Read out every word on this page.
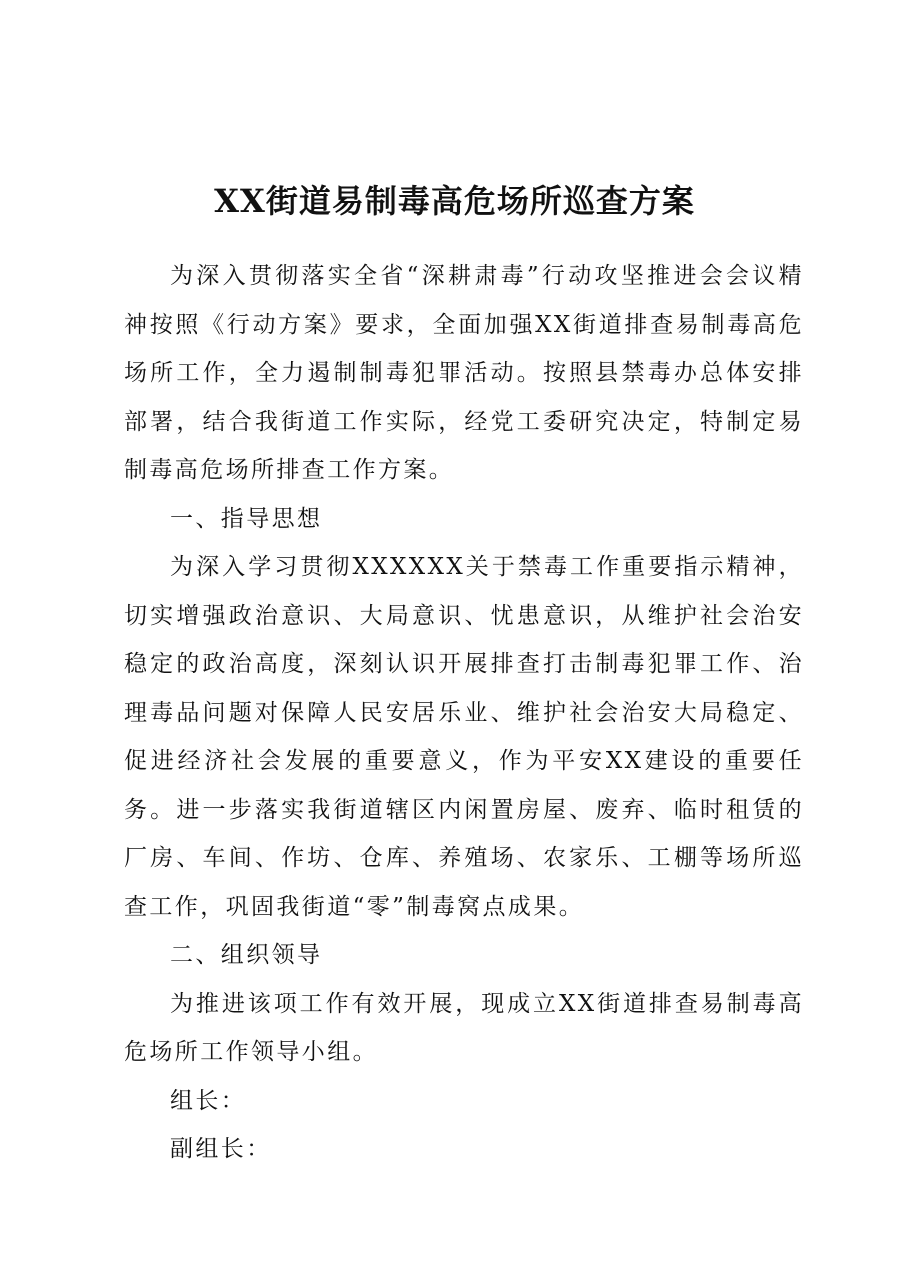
XX街道易制毒高危场所巡查方案

为深入贯彻落实全省“深耕肃毒”行动攻坚推进会会议精神按照《行动方案》要求，全面加强XX街道排查易制毒高危场所工作，全力遏制制毒犯罪活动。按照县禁毒办总体安排部署，结合我街道工作实际，经党工委研究决定，特制定易制毒高危场所排查工作方案。

一、指导思想

为深入学习贯彻XXXXXX关于禁毒工作重要指示精神，切实增强政治意识、大局意识、忧患意识，从维护社会治安稳定的政治高度，深刻认识开展排查打击制毒犯罪工作、治理毒品问题对保障人民安居乐业、维护社会治安大局稳定、促进经济社会发展的重要意义，作为平安XX建设的重要任务。进一步落实我街道辖区内闲置房屋、废弃、临时租赁的厂房、车间、作坊、仓库、养殖场、农家乐、工棚等场所巡查工作，巩固我街道“零”制毒窝点成果。

二、组织领导

为推进该项工作有效开展，现成立XX街道排查易制毒高危场所工作领导小组。

组长：

副组长：
